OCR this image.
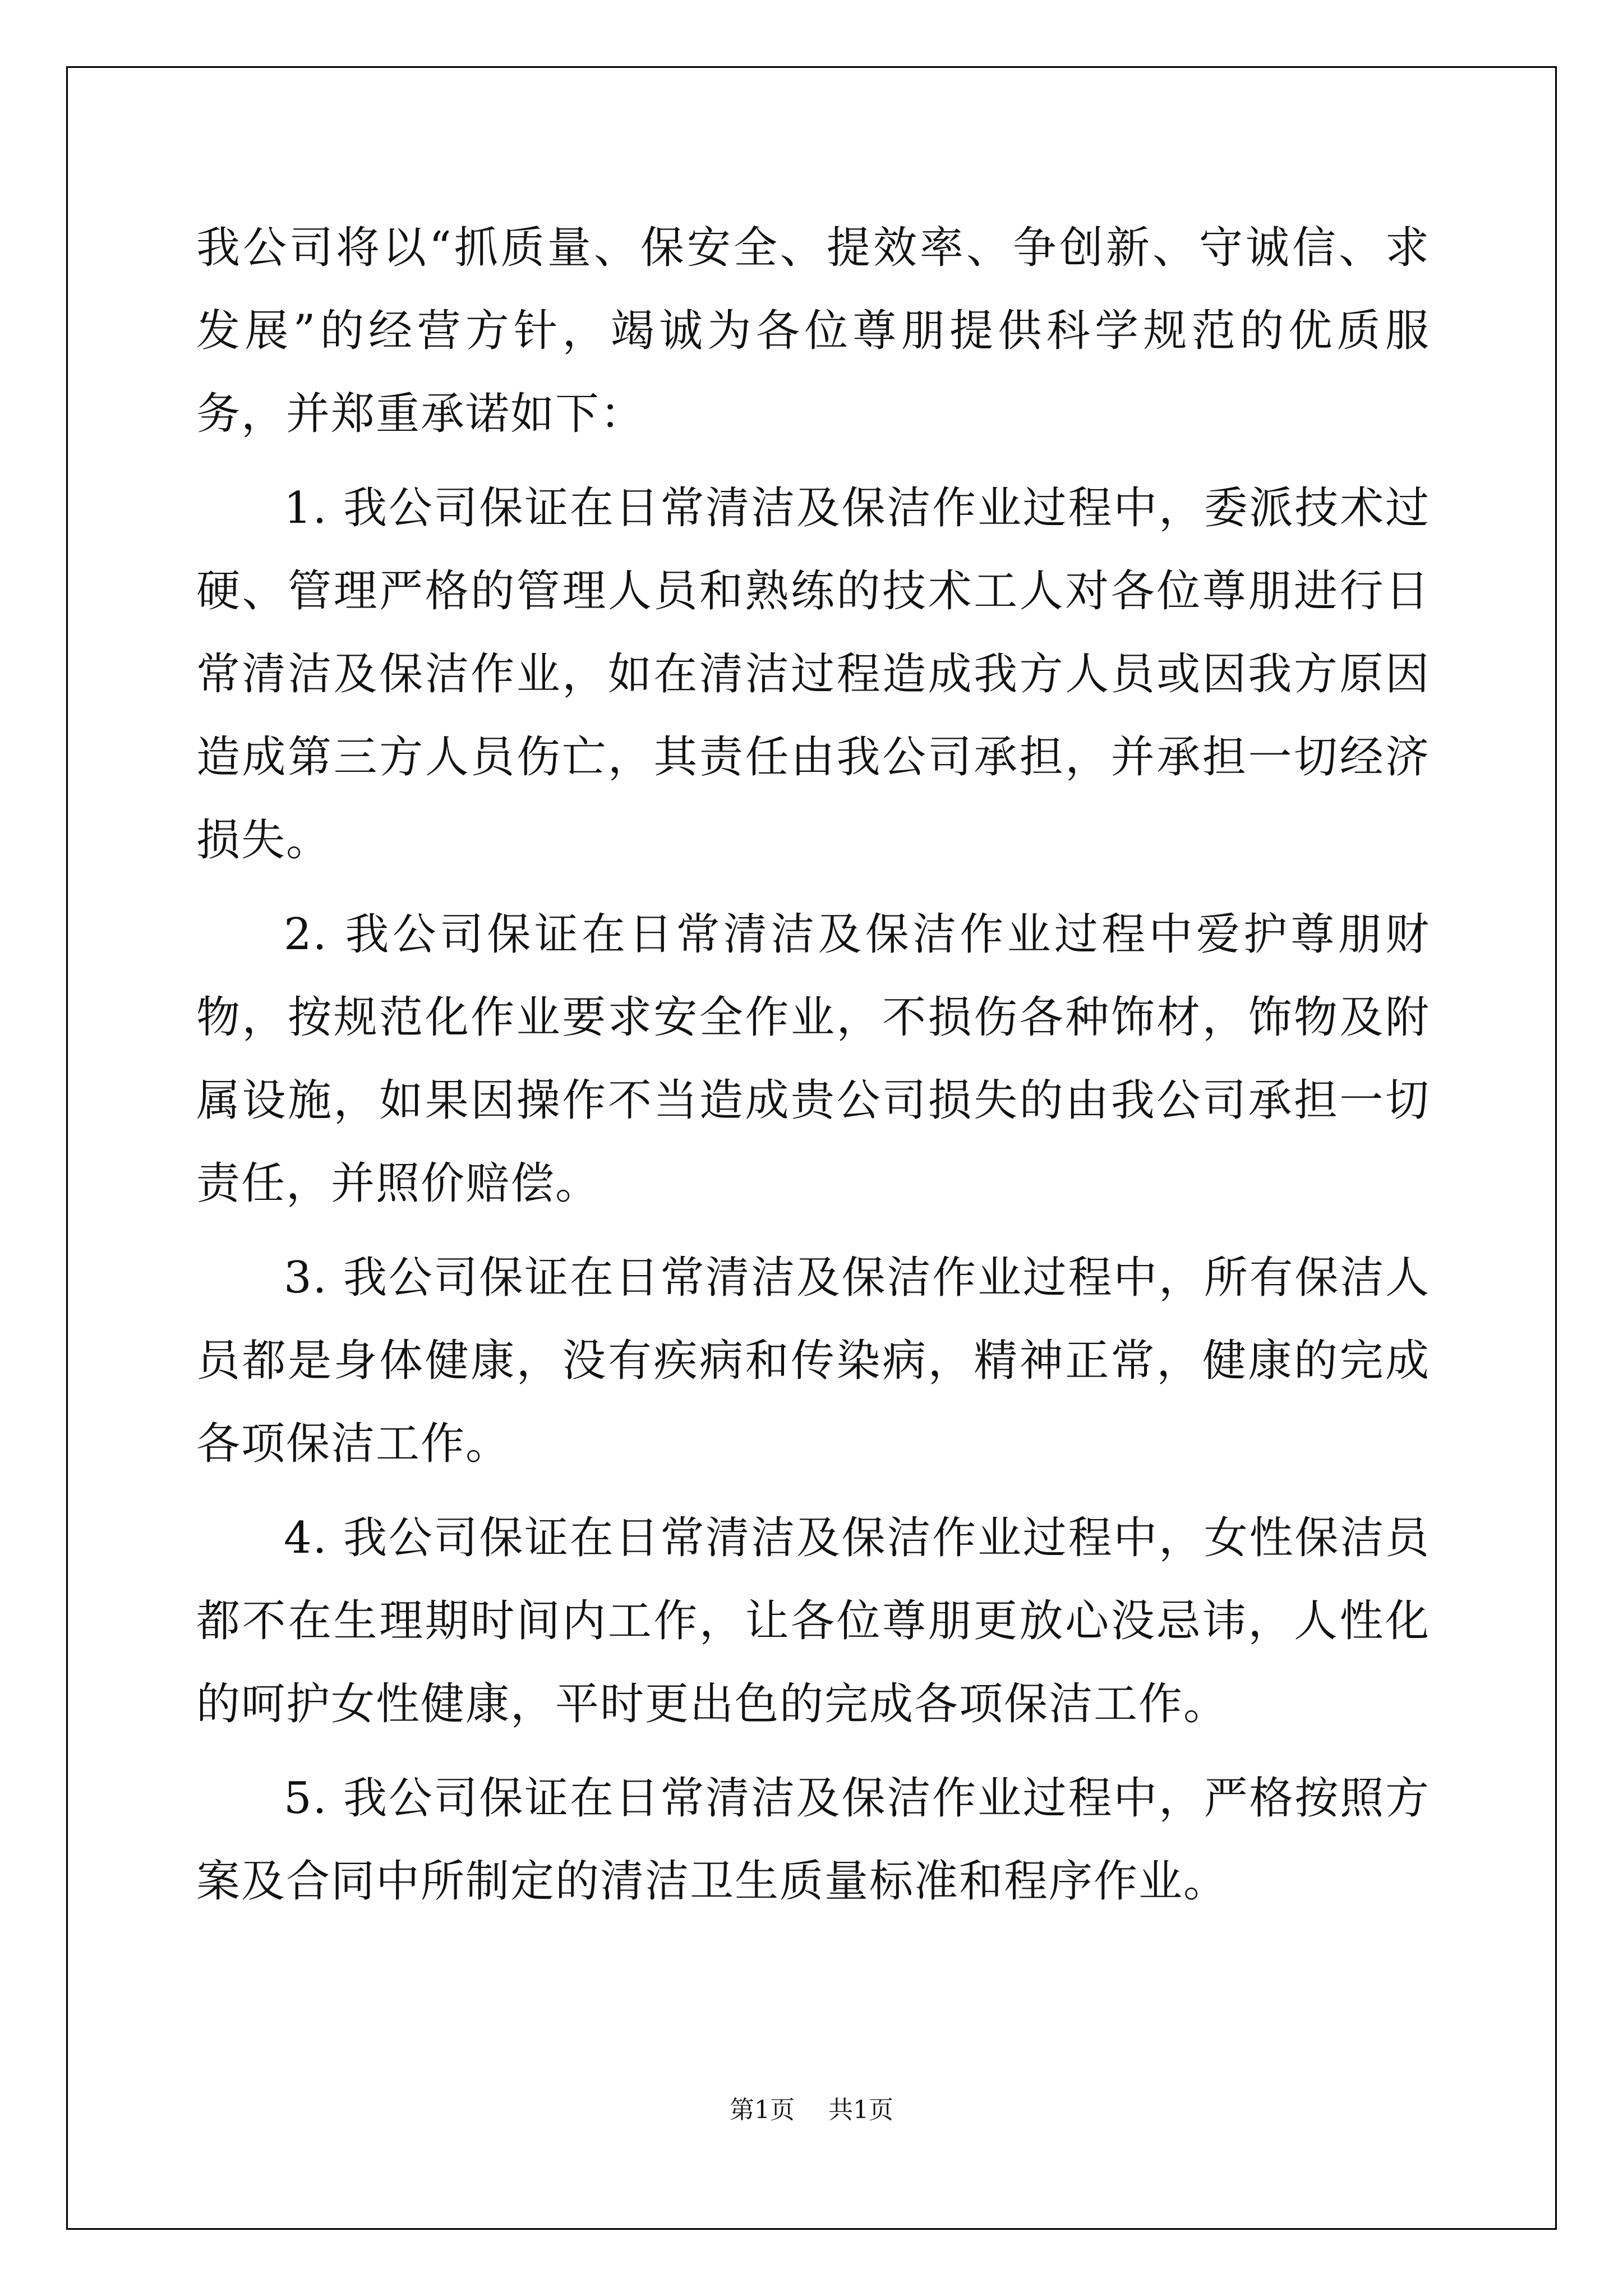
我公司将以“抓质量、保安全、提效率、争创新、守诚信、求发展”的经营方针，竭诚为各位尊朋提供科学规范的优质服务，并郑重承诺如下：

1. 我公司保证在日常清洁及保洁作业过程中，委派技术过硬、管理严格的管理人员和熟练的技术工人对各位尊朋进行日常清洁及保洁作业，如在清洁过程造成我方人员或因我方原因造成第三方人员伤亡，其责任由我公司承担，并承担一切经济损失。

2. 我公司保证在日常清洁及保洁作业过程中爱护尊朋财物，按规范化作业要求安全作业，不损伤各种饰材，饰物及附属设施，如果因操作不当造成贵公司损失的由我公司承担一切责任，并照价赔偿。

3. 我公司保证在日常清洁及保洁作业过程中，所有保洁人员都是身体健康，没有疾病和传染病，精神正常，健康的完成各项保洁工作。

4. 我公司保证在日常清洁及保洁作业过程中，女性保洁员都不在生理期时间内工作，让各位尊朋更放心没忌讳，人性化的呵护女性健康，平时更出色的完成各项保洁工作。

5. 我公司保证在日常清洁及保洁作业过程中，严格按照方案及合同中所制定的清洁卫生质量标准和程序作业。

第1页 共1页
